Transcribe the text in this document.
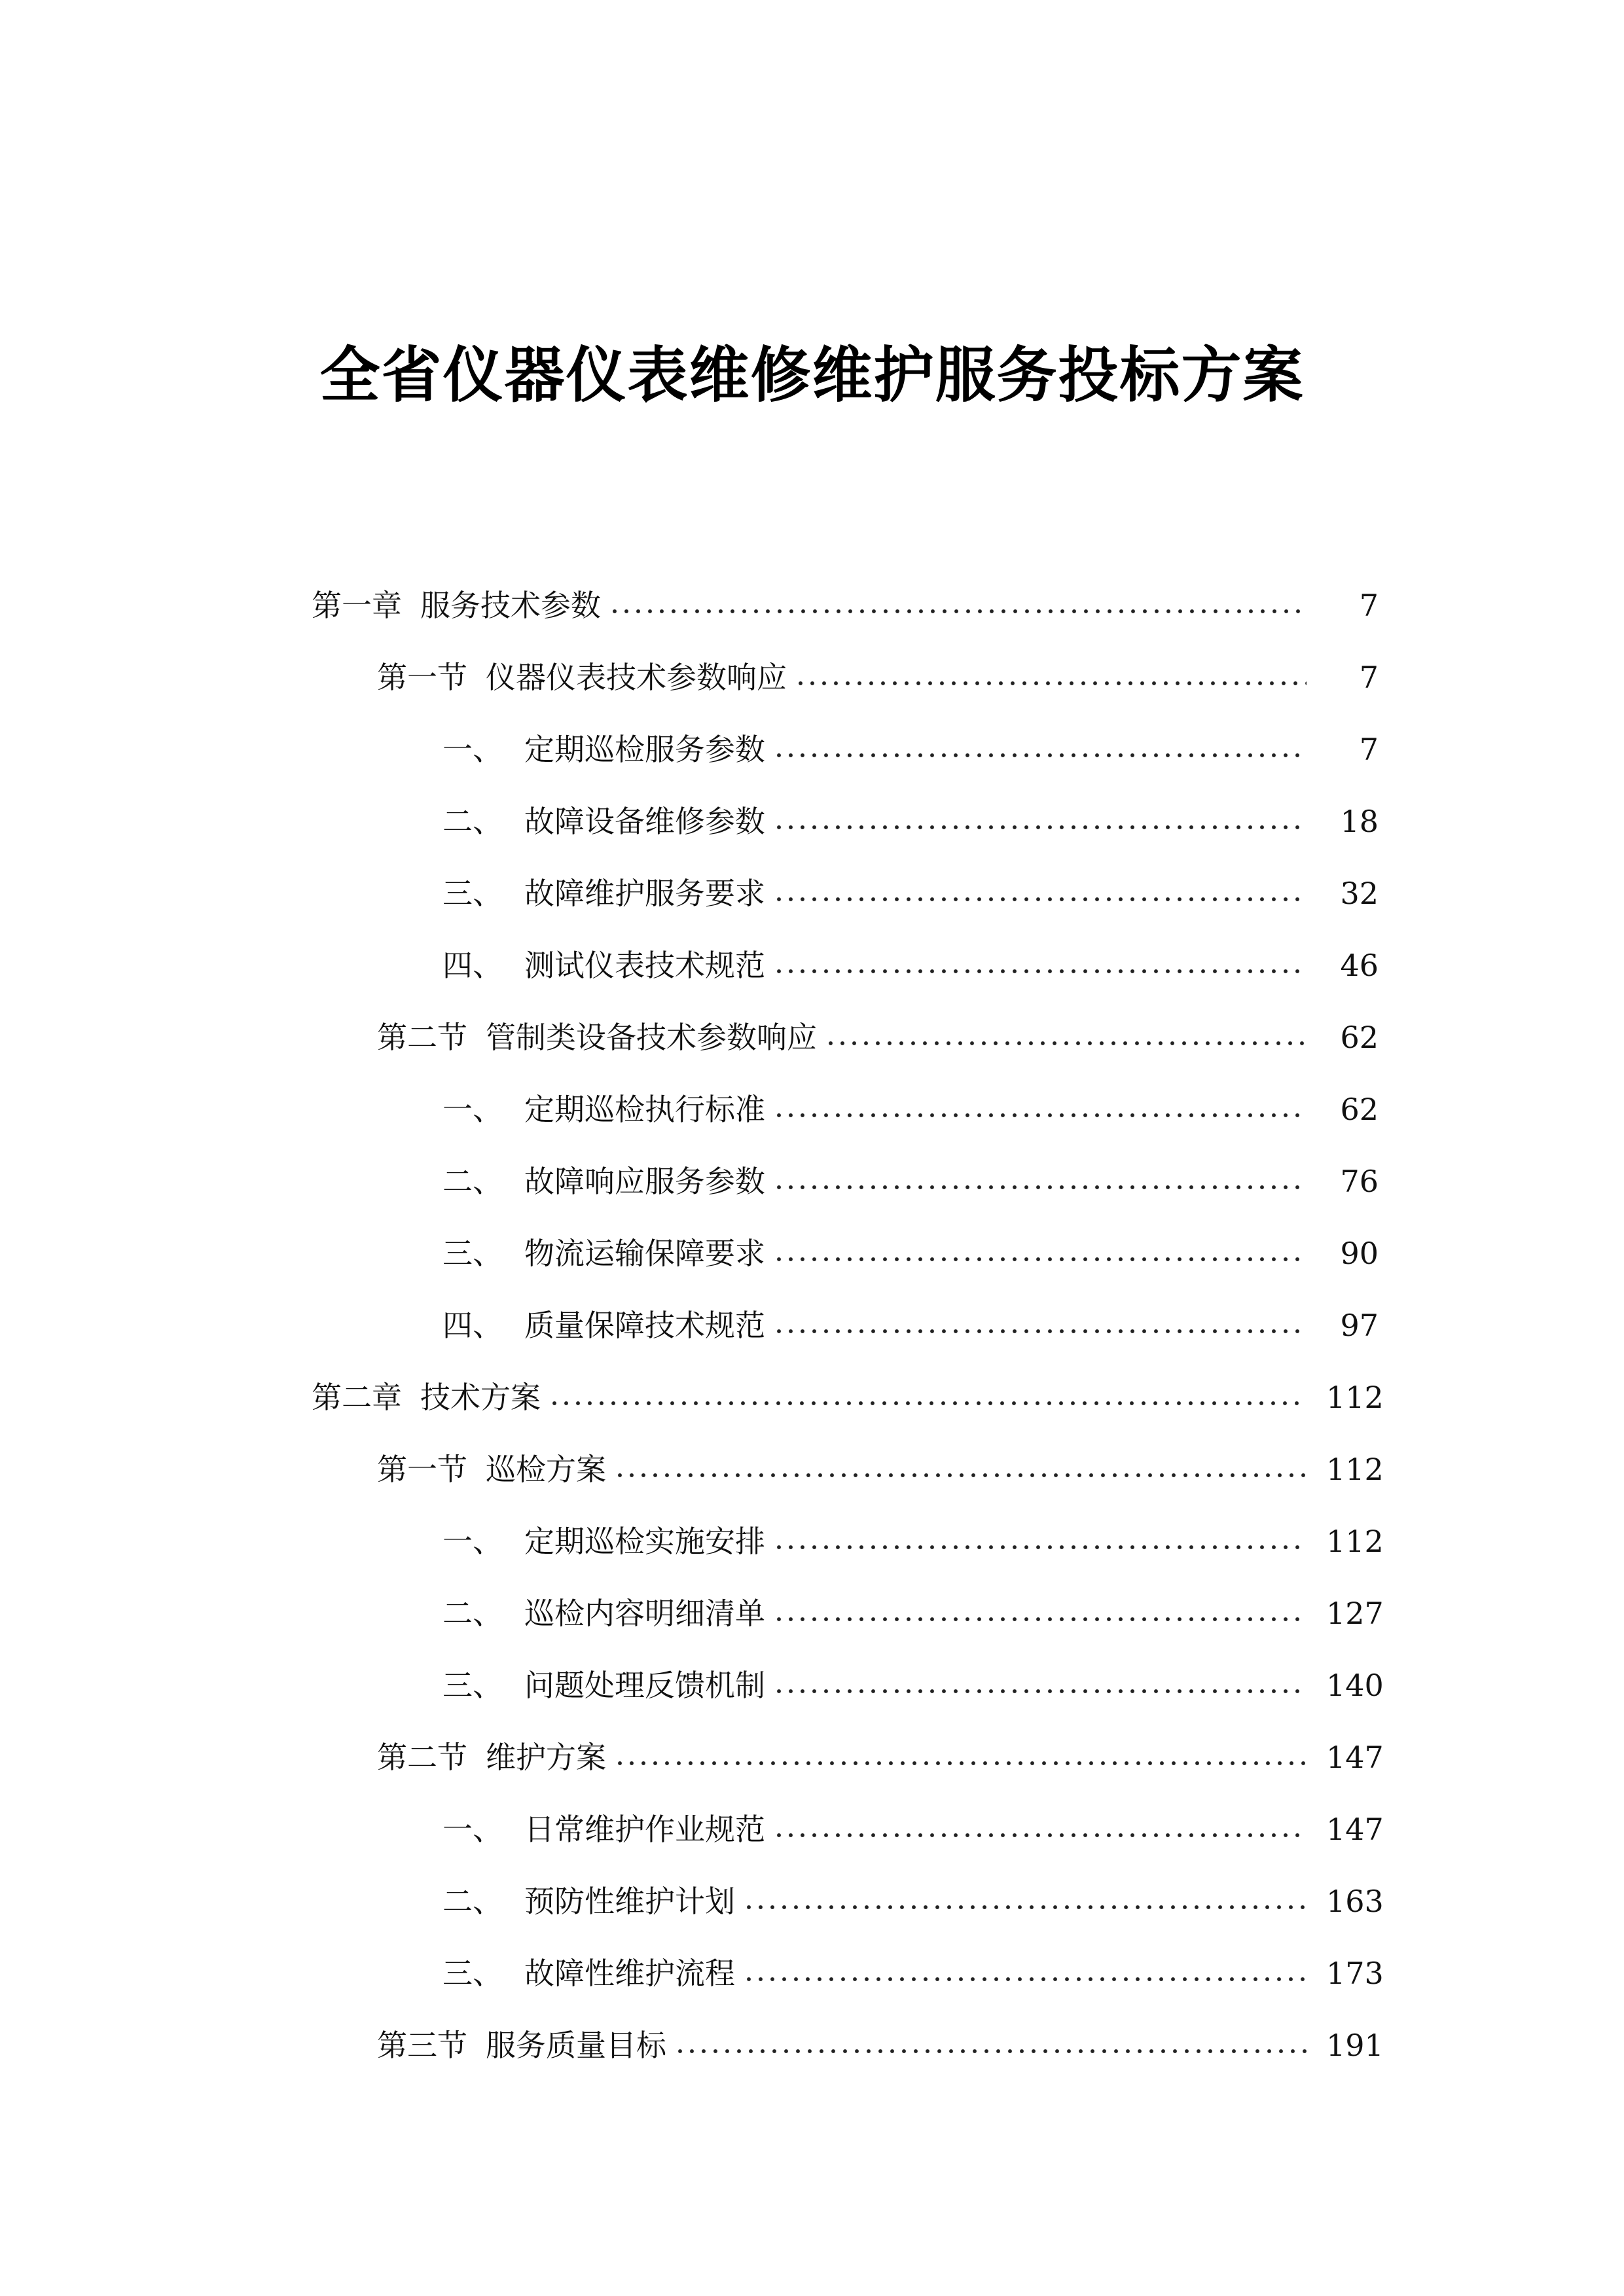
全省仪器仪表维修维护服务投标方案
第一章 服务技术参数	7
第一节 仪器仪表技术参数响应	7
一、 定期巡检服务参数	7
二、 故障设备维修参数	18
三、 故障维护服务要求	32
四、 测试仪表技术规范	46
第二节 管制类设备技术参数响应	62
一、 定期巡检执行标准	62
二、 故障响应服务参数	76
三、 物流运输保障要求	90
四、 质量保障技术规范	97
第二章 技术方案	112
第一节 巡检方案	112
一、 定期巡检实施安排	112
二、 巡检内容明细清单	127
三、 问题处理反馈机制	140
第二节 维护方案	147
一、 日常维护作业规范	147
二、 预防性维护计划	163
三、 故障性维护流程	173
第三节 服务质量目标	191
